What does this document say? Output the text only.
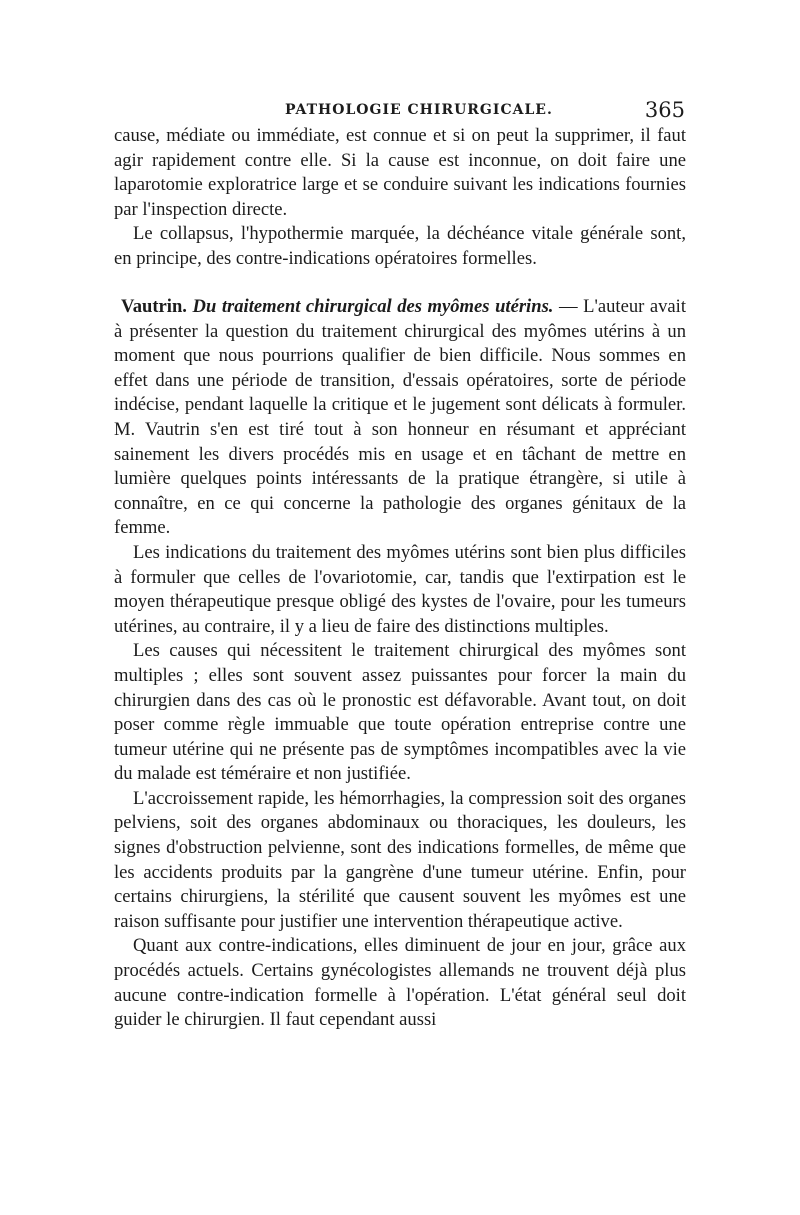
PATHOLOGIE CHIRURGICALE.	365

cause, médiate ou immédiate, est connue et si on peut la supprimer, il faut agir rapidement contre elle. Si la cause est inconnue, on doit faire une laparotomie exploratrice large et se conduire suivant les indications fournies par l'inspection directe.

Le collapsus, l'hypothermie marquée, la déchéance vitale générale sont, en principe, des contre-indications opératoires formelles.

Vautrin. Du traitement chirurgical des myômes utérins. — L'auteur avait à présenter la question du traitement chirurgical des myômes utérins à un moment que nous pourrions qualifier de bien difficile. Nous sommes en effet dans une période de transition, d'essais opératoires, sorte de période indécise, pendant laquelle la critique et le jugement sont délicats à formuler. M. Vautrin s'en est tiré tout à son honneur en résumant et appréciant sainement les divers procédés mis en usage et en tâchant de mettre en lumière quelques points intéressants de la pratique étrangère, si utile à connaître, en ce qui concerne la pathologie des organes génitaux de la femme.

Les indications du traitement des myômes utérins sont bien plus difficiles à formuler que celles de l'ovariotomie, car, tandis que l'extirpation est le moyen thérapeutique presque obligé des kystes de l'ovaire, pour les tumeurs utérines, au contraire, il y a lieu de faire des distinctions multiples.

Les causes qui nécessitent le traitement chirurgical des myômes sont multiples ; elles sont souvent assez puissantes pour forcer la main du chirurgien dans des cas où le pronostic est défavorable. Avant tout, on doit poser comme règle immuable que toute opération entreprise contre une tumeur utérine qui ne présente pas de symptômes incompatibles avec la vie du malade est téméraire et non justifiée.

L'accroissement rapide, les hémorrhagies, la compression soit des organes pelviens, soit des organes abdominaux ou thoraciques, les douleurs, les signes d'obstruction pelvienne, sont des indications formelles, de même que les accidents produits par la gangrène d'une tumeur utérine. Enfin, pour certains chirurgiens, la stérilité que causent souvent les myômes est une raison suffisante pour justifier une intervention thérapeutique active.

Quant aux contre-indications, elles diminuent de jour en jour, grâce aux procédés actuels. Certains gynécologistes allemands ne trouvent déjà plus aucune contre-indication formelle à l'opération. L'état général seul doit guider le chirurgien. Il faut cependant aussi
